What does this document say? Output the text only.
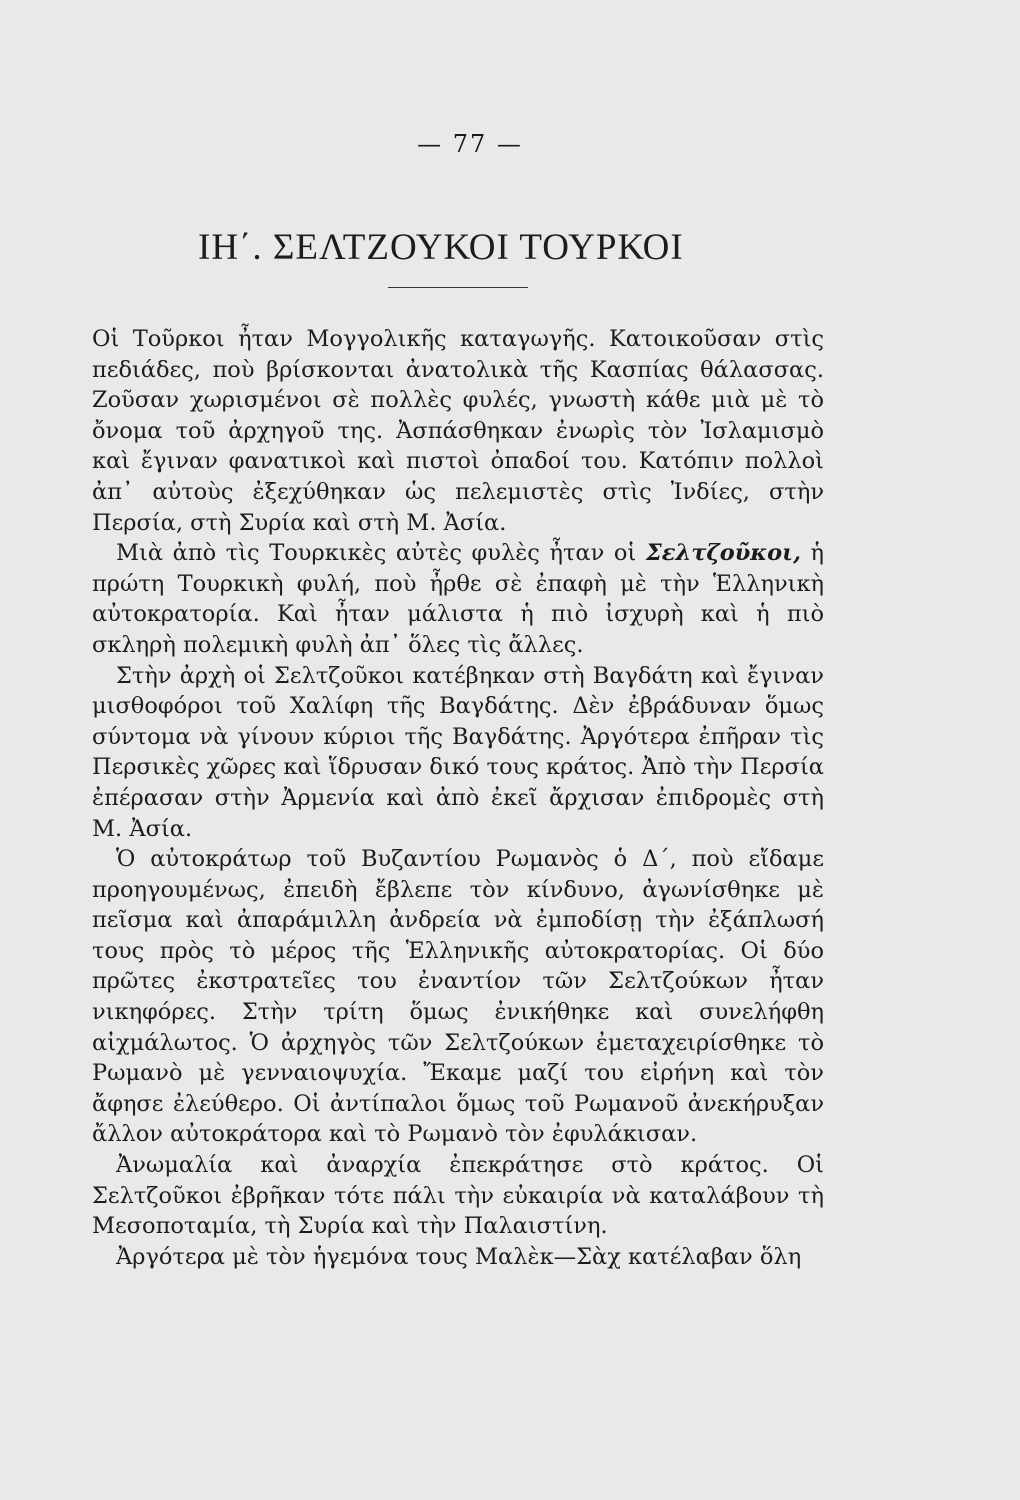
— 77 —
ΙΗ΄. ΣΕΛΤΖΟΥΚΟΙ ΤΟΥΡΚΟΙ

Οἱ Τοῦρκοι ἦταν Μογγολικῆς καταγωγῆς. Κατοικοῦσαν στὶς πεδιάδες, ποὺ βρίσκονται ἀνατολικὰ τῆς Κασπίας θάλασσας. Ζοῦσαν χωρισμένοι σὲ πολλὲς φυλές, γνωστὴ κάθε μιὰ μὲ τὸ ὄνομα τοῦ ἀρχηγοῦ της. Ἀσπάσθηκαν ἐνωρὶς τὸν Ἰσλαμισμὸ καὶ ἔγιναν φανατικοὶ καὶ πιστοὶ ὀπαδοί του. Κατόπιν πολλοὶ ἀπ᾽ αὐτοὺς ἐξεχύθηκαν ὡς πελεμιστὲς στὶς Ἰνδίες, στὴν Περσία, στὴ Συρία καὶ στὴ Μ. Ἀσία.

Μιὰ ἀπὸ τὶς Τουρκικὲς αὐτὲς φυλὲς ἦταν οἱ Σελτζοῦκοι, ἡ πρώτη Τουρκικὴ φυλή, ποὺ ἦρθε σὲ ἐπαφὴ μὲ τὴν Ἑλληνικὴ αὐτοκρατορία. Καὶ ἦταν μάλιστα ἡ πιὸ ἰσχυρὴ καὶ ἡ πιὸ σκληρὴ πολεμικὴ φυλὴ ἀπ᾽ ὅλες τὶς ἄλλες.

Στὴν ἀρχὴ οἱ Σελτζοῦκοι κατέβηκαν στὴ Βαγδάτη καὶ ἔγιναν μισθοφόροι τοῦ Χαλίφη τῆς Βαγδάτης. Δὲν ἐβράδυναν ὅμως σύντομα νὰ γίνουν κύριοι τῆς Βαγδάτης. Ἀργότερα ἐπῆραν τὶς Περσικὲς χῶρες καὶ ἵδρυσαν δικό τους κράτος. Ἀπὸ τὴν Περσία ἐπέρασαν στὴν Ἀρμενία καὶ ἀπὸ ἐκεῖ ἄρχισαν ἐπιδρομὲς στὴ Μ. Ἀσία.

Ὁ αὐτοκράτωρ τοῦ Βυζαντίου Ρωμανὸς ὁ Δ΄, ποὺ εἴδαμε προηγουμένως, ἐπειδὴ ἔβλεπε τὸν κίνδυνο, ἀγωνίσθηκε μὲ πεῖσμα καὶ ἀπαράμιλλη ἀνδρεία νὰ ἐμποδίσῃ τὴν ἐξάπλωσή τους πρὸς τὸ μέρος τῆς Ἑλληνικῆς αὐτοκρατορίας. Οἱ δύο πρῶτες ἐκστρατεῖες του ἐναντίον τῶν Σελτζούκων ἦταν νικηφόρες. Στὴν τρίτη ὅμως ἐνικήθηκε καὶ συνελήφθη αἰχμάλωτος. Ὁ ἀρχηγὸς τῶν Σελτζούκων ἐμεταχειρίσθηκε τὸ Ρωμανὸ μὲ γενναιοψυχία. Ἔκαμε μαζί του εἰρήνη καὶ τὸν ἄφησε ἐλεύθερο. Οἱ ἀντίπαλοι ὅμως τοῦ Ρωμανοῦ ἀνεκήρυξαν ἄλλον αὐτοκράτορα καὶ τὸ Ρωμανὸ τὸν ἐφυλάκισαν.

Ἀνωμαλία καὶ ἀναρχία ἐπεκράτησε στὸ κράτος. Οἱ Σελτζοῦκοι ἐβρῆκαν τότε πάλι τὴν εὐκαιρία νὰ καταλάβουν τὴ Μεσοποταμία, τὴ Συρία καὶ τὴν Παλαιστίνη.

Ἀργότερα μὲ τὸν ἡγεμόνα τους Μαλὲκ—Σὰχ κατέλαβαν ὅλη
